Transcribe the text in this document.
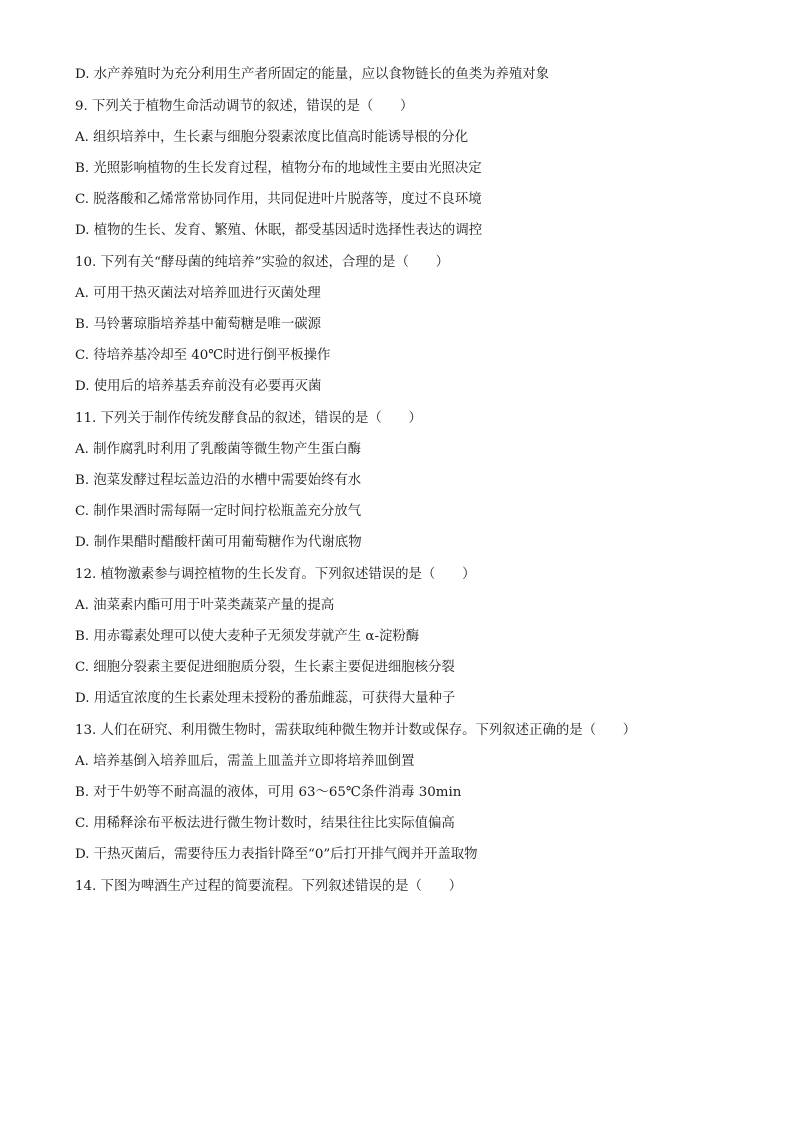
D. 水产养殖时为充分利用生产者所固定的能量，应以食物链长的鱼类为养殖对象
9. 下列关于植物生命活动调节的叙述，错误的是（　　）
A. 组织培养中，生长素与细胞分裂素浓度比值高时能诱导根的分化
B. 光照影响植物的生长发育过程，植物分布的地域性主要由光照决定
C. 脱落酸和乙烯常常协同作用，共同促进叶片脱落等，度过不良环境
D. 植物的生长、发育、繁殖、休眠，都受基因适时选择性表达的调控
10. 下列有关“酵母菌的纯培养”实验的叙述，合理的是（　　）
A. 可用干热灭菌法对培养皿进行灭菌处理
B. 马铃薯琼脂培养基中葡萄糖是唯一碳源
C. 待培养基冷却至 40℃时进行倒平板操作
D. 使用后的培养基丢弃前没有必要再灭菌
11. 下列关于制作传统发酵食品的叙述，错误的是（　　）
A. 制作腐乳时利用了乳酸菌等微生物产生蛋白酶
B. 泡菜发酵过程坛盖边沿的水槽中需要始终有水
C. 制作果酒时需每隔一定时间拧松瓶盖充分放气
D. 制作果醋时醋酸杆菌可用葡萄糖作为代谢底物
12. 植物激素参与调控植物的生长发育。下列叙述错误的是（　　）
A. 油菜素内酯可用于叶菜类蔬菜产量的提高
B. 用赤霉素处理可以使大麦种子无须发芽就产生 α-淀粉酶
C. 细胞分裂素主要促进细胞质分裂，生长素主要促进细胞核分裂
D. 用适宜浓度的生长素处理未授粉的番茄雌蕊，可获得大量种子
13. 人们在研究、利用微生物时，需获取纯种微生物并计数或保存。下列叙述正确的是（　　）
A. 培养基倒入培养皿后，需盖上皿盖并立即将培养皿倒置
B. 对于牛奶等不耐高温的液体，可用 63～65℃条件消毒 30min
C. 用稀释涂布平板法进行微生物计数时，结果往往比实际值偏高
D. 干热灭菌后，需要待压力表指针降至“0”后打开排气阀并开盖取物
14. 下图为啤酒生产过程的简要流程。下列叙述错误的是（　　）
